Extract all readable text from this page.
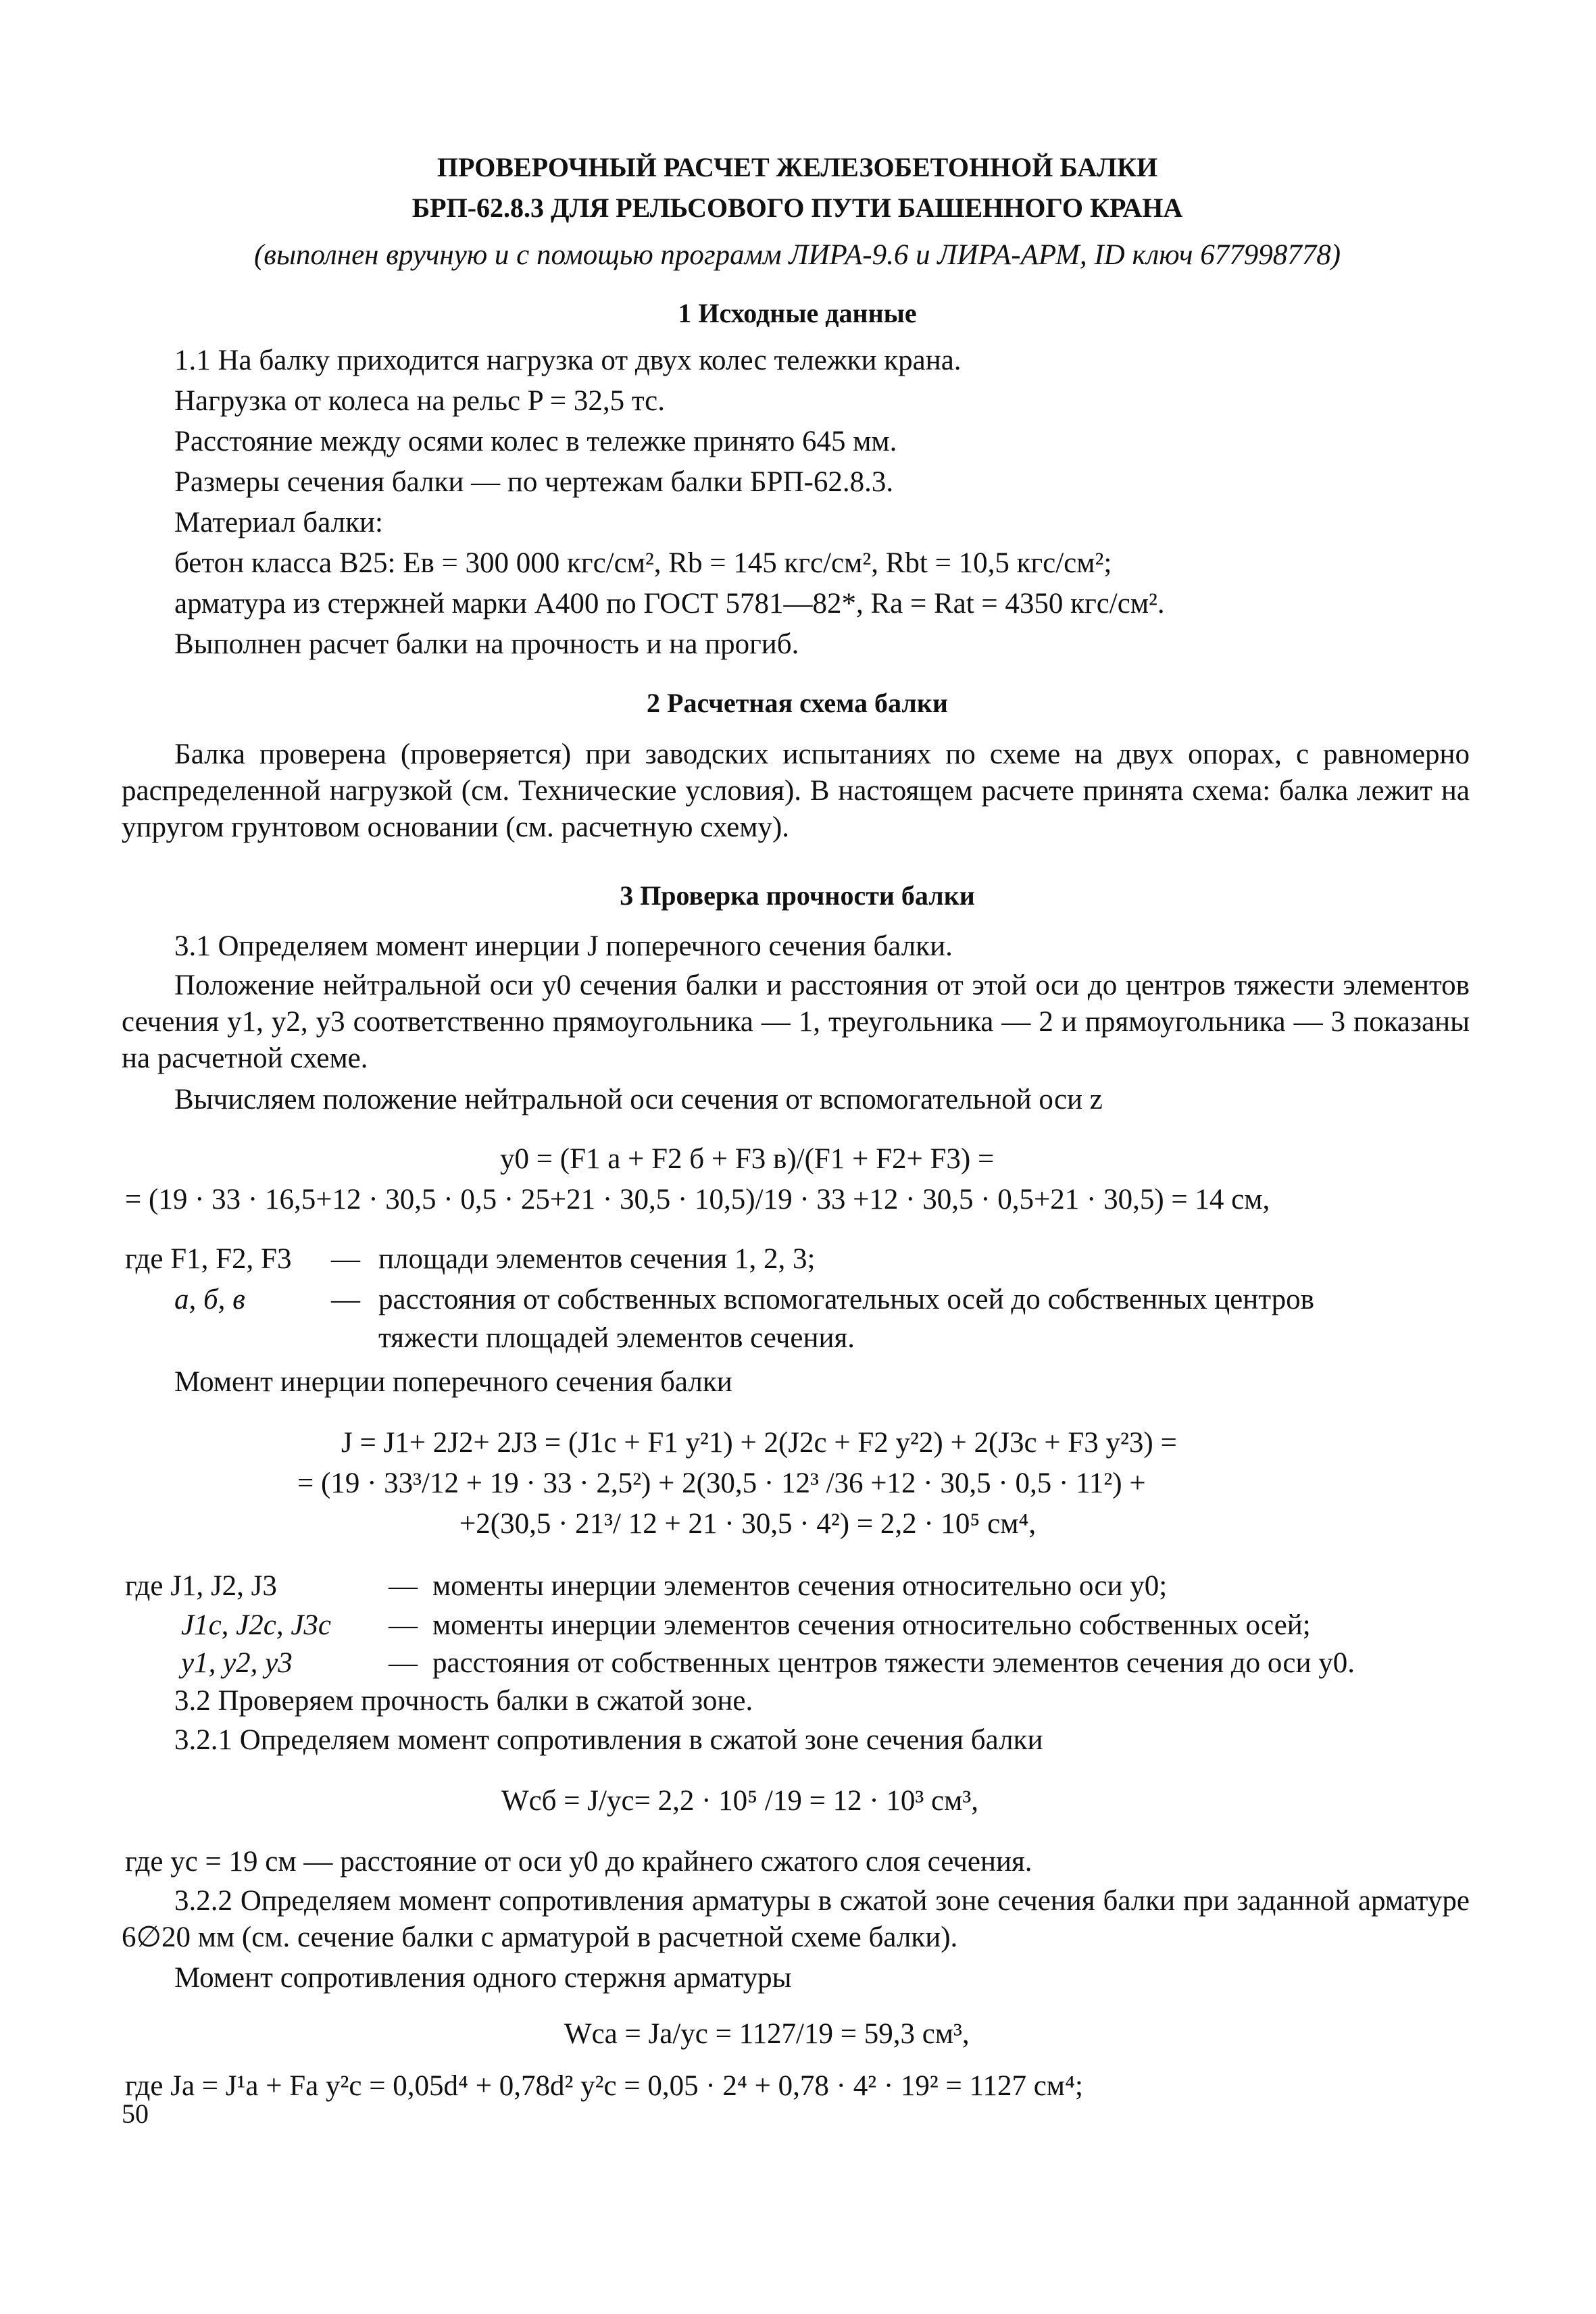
ПРОВЕРОЧНЫЙ РАСЧЕТ ЖЕЛЕЗОБЕТОННОЙ БАЛКИ
БРП-62.8.3 ДЛЯ РЕЛЬСОВОГО ПУТИ БАШЕННОГО КРАНА
(выполнен вручную и с помощью программ ЛИРА-9.6 и ЛИРА-АРМ, ID ключ 677998778)
1 Исходные данные
1.1 На балку приходится нагрузка от двух колес тележки крана.
Нагрузка от колеса на рельс P = 32,5 тс.
Расстояние между осями колес в тележке принято 645 мм.
Размеры сечения балки — по чертежам балки БРП-62.8.3.
Материал балки:
бетон класса В25: Eв = 300 000 кгс/см², Rb = 145 кгс/см², Rbt = 10,5 кгс/см²;
арматура из стержней марки А400 по ГОСТ 5781—82*, Ra = Rat = 4350 кгс/см².
Выполнен расчет балки на прочность и на прогиб.
2 Расчетная схема балки
Балка проверена (проверяется) при заводских испытаниях по схеме на двух опорах, с равномерно распределенной нагрузкой (см. Технические условия). В настоящем расчете принята схема: балка лежит на упругом грунтовом основании (см. расчетную схему).
3 Проверка прочности балки
3.1 Определяем момент инерции J поперечного сечения балки.
Положение нейтральной оси y0 сечения балки и расстояния от этой оси до центров тяжести элементов сечения y1, y2, y3 соответственно прямоугольника — 1, треугольника — 2 и прямоугольника — 3 показаны на расчетной схеме.
Вычисляем положение нейтральной оси сечения от вспомогательной оси z
y0 = (F1 a + F2 б + F3 в)/(F1 + F2+ F3) =
= (19 · 33 · 16,5+12 · 30,5 · 0,5 · 25+21 · 30,5 · 10,5)/19 · 33 +12 · 30,5 · 0,5+21 · 30,5) = 14 см,
где F1, F2, F3 — площади элементов сечения 1, 2, 3;
а, б, в	— расстояния от собственных вспомогательных осей до собственных центров
тяжести площадей элементов сечения.
Момент инерции поперечного сечения балки
J = J1+ 2J2+ 2J3 = (J1c + F1 y²1) + 2(J2c + F2 y²2) + 2(J3c + F3 y²3) =
= (19 · 33³/12 + 19 · 33 · 2,5²) + 2(30,5 · 12³ /36 +12 · 30,5 · 0,5 · 11²) +
+2(30,5 · 21³/ 12 + 21 · 30,5 · 4²) = 2,2 · 10⁵ см⁴,
где J1, J2, J3	— моменты инерции элементов сечения относительно оси y0;
J1c, J2c, J3c — моменты инерции элементов сечения относительно собственных осей;
y1, y2, y3	— расстояния от собственных центров тяжести элементов сечения до оси y0.
3.2 Проверяем прочность балки в сжатой зоне.
3.2.1 Определяем момент сопротивления в сжатой зоне сечения балки
Wcб = J/yc= 2,2 · 10⁵ /19 = 12 · 10³ см³,
где yc = 19 см — расстояние от оси y0 до крайнего сжатого слоя сечения.
3.2.2 Определяем момент сопротивления арматуры в сжатой зоне сечения балки при заданной арматуре 6∅20 мм (см. сечение балки с арматурой в расчетной схеме балки).
Момент сопротивления одного стержня арматуры
Wca = Ja/yc = 1127/19 = 59,3 см³,
где Ja = J¹a + Fa y²c = 0,05d⁴ + 0,78d² y²c = 0,05 · 2⁴ + 0,78 · 4² · 19² = 1127 см⁴;
50
